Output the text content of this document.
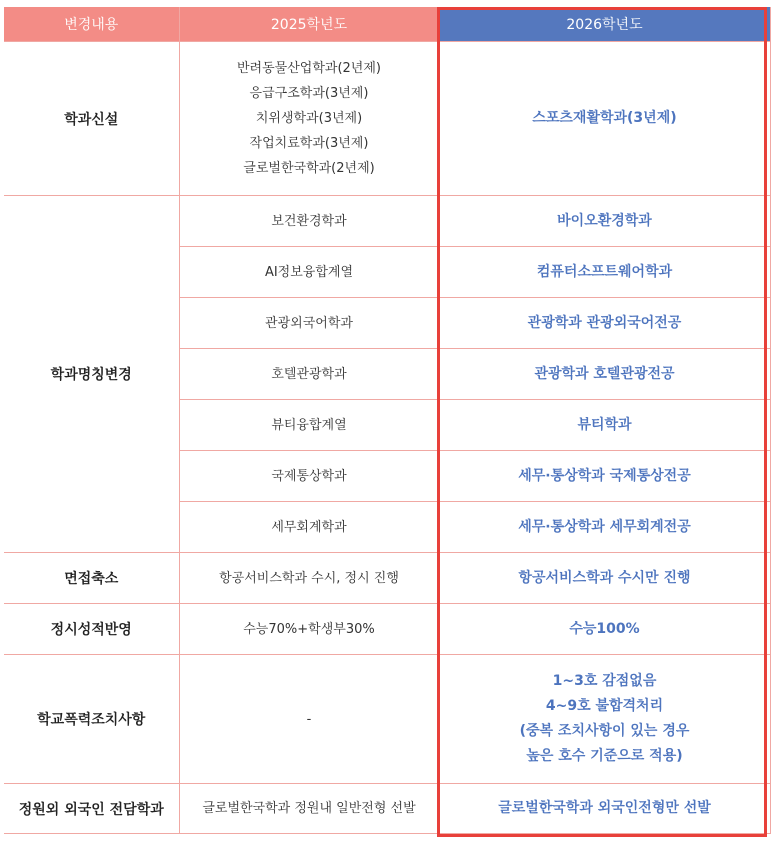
변경내용	2025학년도	2026학년도
학과신설	반려동물산업학과(2년제)
응급구조학과(3년제)
치위생학과(3년제)
작업치료학과(3년제)
글로벌한국학과(2년제)	스포츠재활학과(3년제)
학과명칭변경	보건환경학과	바이오환경학과
	AI정보융합계열	컴퓨터소프트웨어학과
	관광외국어학과	관광학과 관광외국어전공
	호텔관광학과	관광학과 호텔관광전공
	뷰티융합계열	뷰티학과
	국제통상학과	세무·통상학과 국제통상전공
	세무회계학과	세무·통상학과 세무회계전공
면접축소	항공서비스학과 수시, 정시 진행	항공서비스학과 수시만 진행
정시성적반영	수능70%+학생부30%	수능100%
학교폭력조치사항	-	1~3호 감점없음
4~9호 불합격처리
(중복 조치사항이 있는 경우
높은 호수 기준으로 적용)

정원외 외국인 전담학과	글로벌한국학과 정원내 일반전형 선발	글로벌한국학과 외국인전형만 선발
